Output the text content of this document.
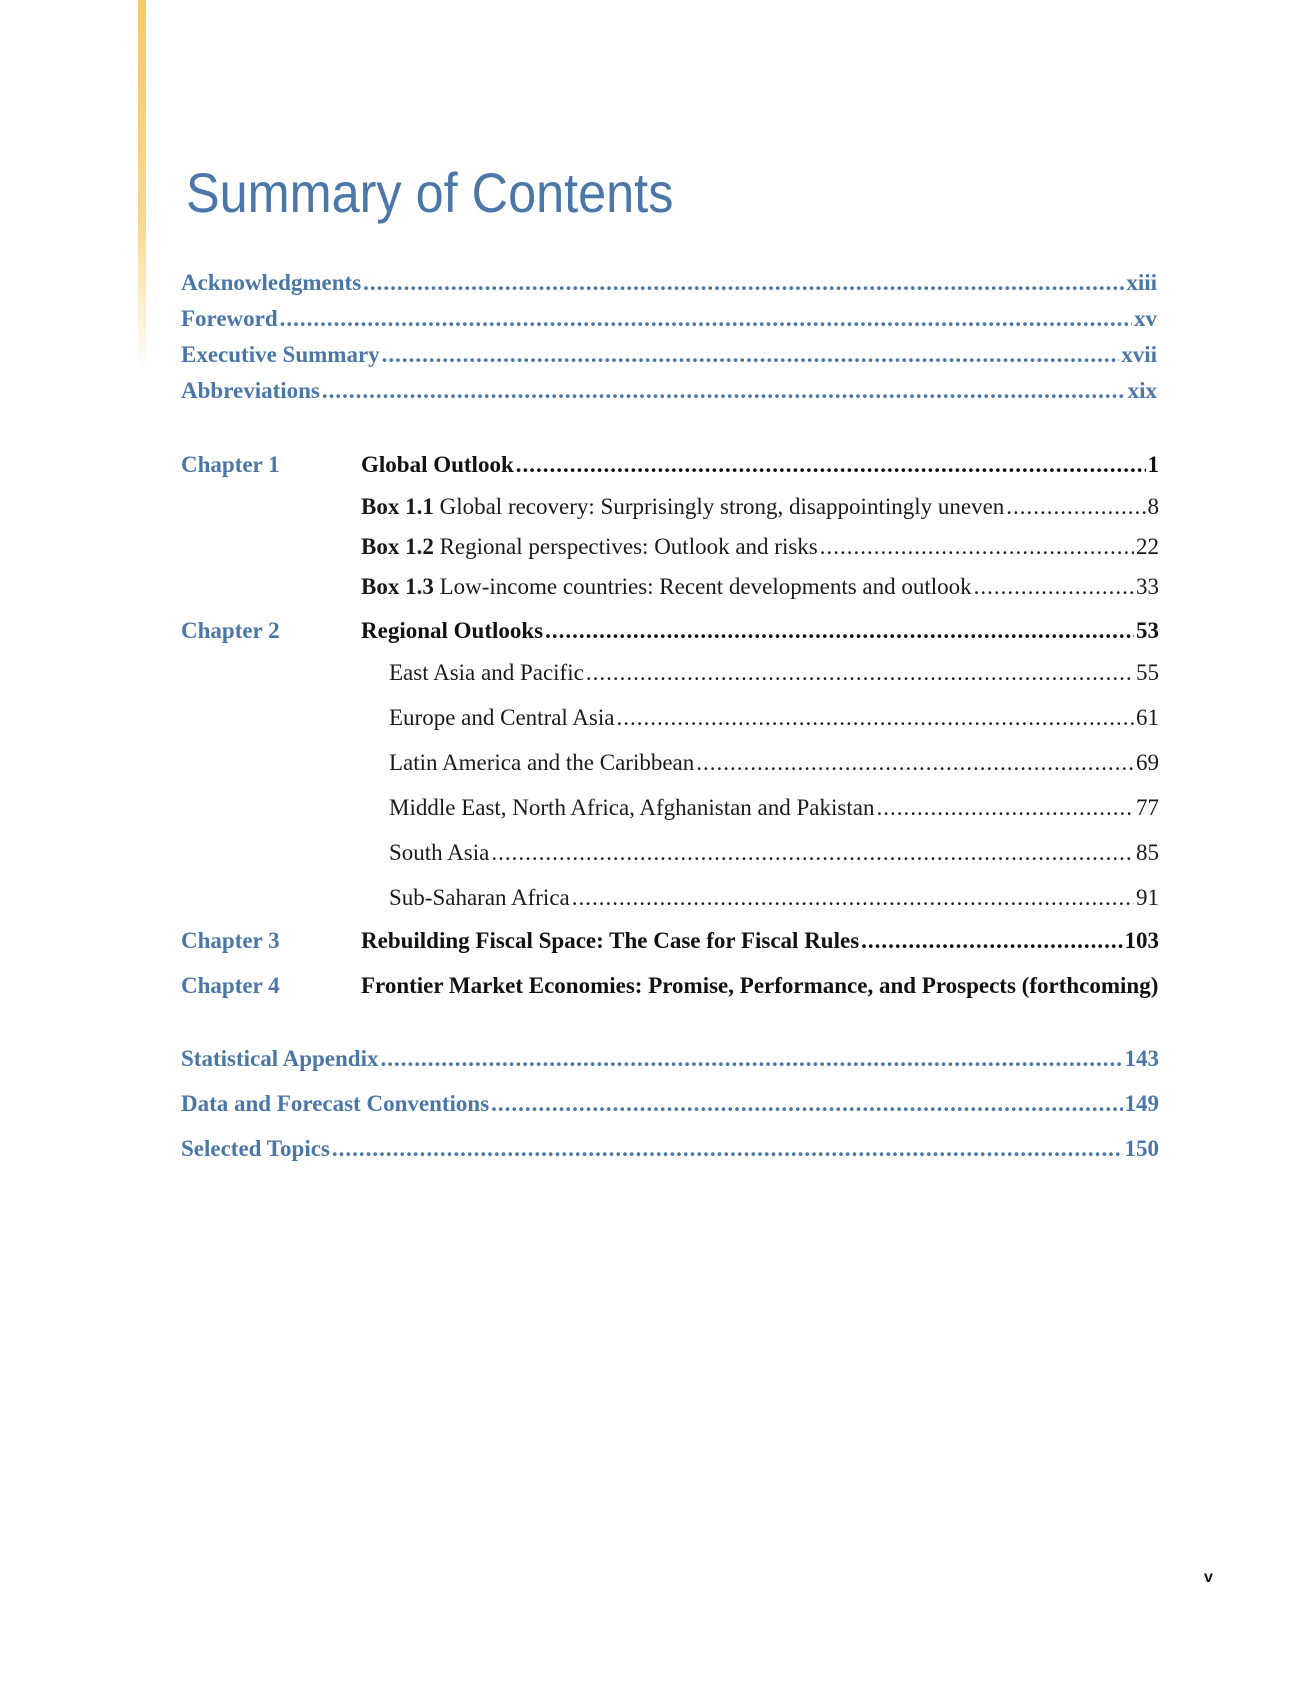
Summary of Contents
Acknowledgments .....	xiii
Foreword .....	xv
Executive Summary .....	xvii
Abbreviations .....	xix
Chapter 1	Global Outlook .....	1
Box 1.1 Global recovery: Surprisingly strong, disappointingly uneven .....	8
Box 1.2 Regional perspectives: Outlook and risks .....	22
Box 1.3 Low-income countries: Recent developments and outlook .....	33
Chapter 2	Regional Outlooks .....	53
East Asia and Pacific .....	55
Europe and Central Asia .....	61
Latin America and the Caribbean .....	69
Middle East, North Africa, Afghanistan and Pakistan .....	77
South Asia .....	85
Sub-Saharan Africa .....	91
Chapter 3	Rebuilding Fiscal Space: The Case for Fiscal Rules .....	103
Chapter 4	Frontier Market Economies: Promise, Performance, and Prospects (forthcoming)
Statistical Appendix .....	143
Data and Forecast Conventions .....	149
Selected Topics .....	150
v
